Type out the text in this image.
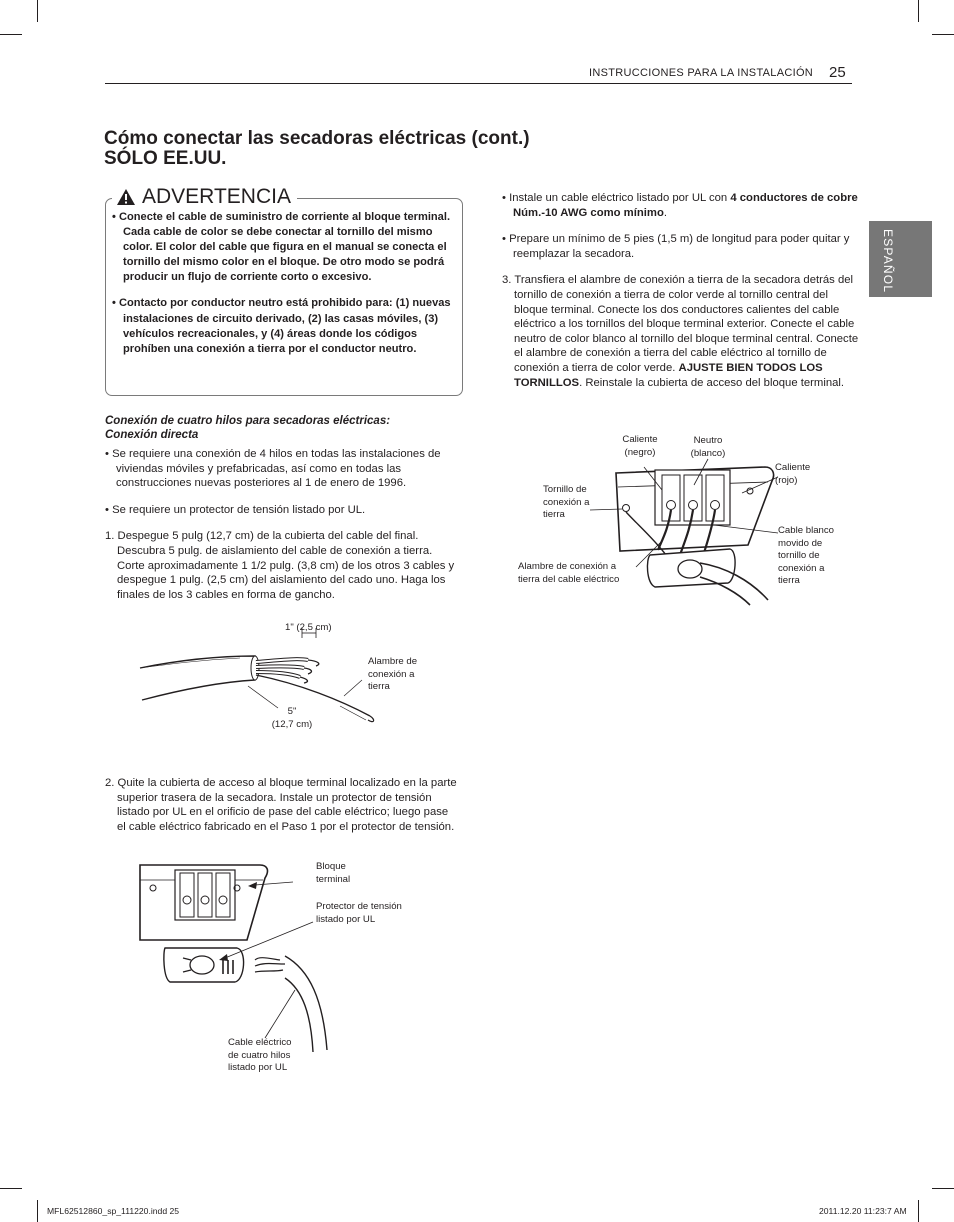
INSTRUCCIONES PARA LA INSTALACIÓN 25
Cómo conectar las secadoras eléctricas (cont.)
SÓLO EE.UU.
ESPAÑOL
ADVERTENCIA
• Conecte el cable de suministro de corriente al bloque terminal. Cada cable de color se debe conectar al tornillo del mismo color. El color del cable que figura en el manual se conecta el tornillo del mismo color en el bloque. De otro modo se podrá producir un flujo de corriente corto o excesivo.
• Contacto por conductor neutro está prohibido para: (1) nuevas instalaciones de circuito derivado, (2) las casas móviles, (3) vehículos recreacionales, y (4) áreas donde los códigos prohíben una conexión a tierra por el conductor neutro.
Conexión de cuatro hilos para secadoras eléctricas:
Conexión directa
• Se requiere una conexión de 4 hilos en todas las instalaciones de viviendas móviles y prefabricadas, así como en todas las construcciones nuevas posteriores al 1 de enero de 1996.
• Se requiere un protector de tensión listado por UL.
1. Despegue 5 pulg (12,7 cm) de la cubierta del cable del final. Descubra 5 pulg. de aislamiento del cable de conexión a tierra. Corte aproximadamente 1 1/2 pulg. (3,8 cm) de los otros 3 cables y despegue 1 pulg. (2,5 cm) del aislamiento del cado uno. Haga los finales de los 3 cables en forma de gancho.
1" (2,5 cm)
Alambre de
conexión a
tierra
5"
(12,7 cm)
2. Quite la cubierta de acceso al bloque terminal localizado en la parte superior trasera de la secadora. Instale un protector de tensión listado por UL en el orificio de pase del cable eléctrico; luego pase el cable eléctrico fabricado en el Paso 1 por el protector de tensión.
Bloque
terminal
Protector de tensión
listado por UL
Cable eléctrico
de cuatro hilos
listado por UL
• Instale un cable eléctrico listado por UL con 4 conductores de cobre Núm.-10 AWG como mínimo.
• Prepare un mínimo de 5 pies (1,5 m) de longitud para poder quitar y reemplazar la secadora.
3. Transfiera el alambre de conexión a tierra de la secadora detrás del tornillo de conexión a tierra de color verde al tornillo central del bloque terminal. Conecte los dos conductores calientes del cable eléctrico a los tornillos del bloque terminal exterior. Conecte el cable neutro de color blanco al tornillo del bloque terminal central. Conecte el alambre de conexión a tierra del cable eléctrico al tornillo de conexión a tierra de color verde. AJUSTE BIEN TODOS LOS TORNILLOS. Reinstale la cubierta de acceso del bloque terminal.
Caliente
(negro)
Neutro
(blanco)
Caliente
(rojo)
Tornillo de
conexión a
tierra
Cable blanco
movido de
tornillo de
conexión a
tierra
Alambre de conexión a
tierra del cable eléctrico
MFL62512860_sp_111220.indd 25	2011.12.20 11:23:7 AM
